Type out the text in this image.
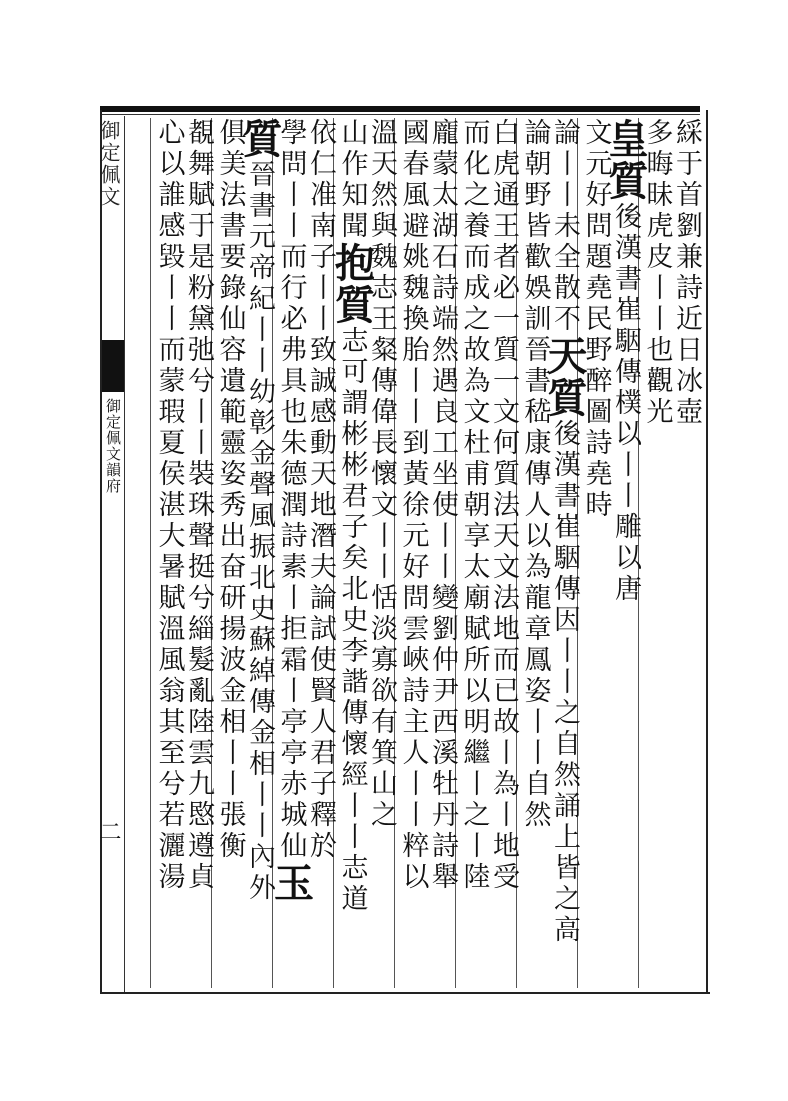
御定佩文
御定佩文韻府
二
綵于首劉兼詩近日冰壺
多晦昧虎皮丨丨也觀光
皇質後漢書崔駰傳樸以丨丨雕以唐
文元好問題堯民野醉圖詩堯時
論丨丨未全散不天質後漢書崔駰傳因丨丨之自然誦上皆之高
論朝野皆歡娛訓晉書嵇康傳人以為龍章鳳姿丨丨自然
白虎通王者必一質一文何質法天文法地而已故丨為丨地受
而化之養而成之故為文杜甫朝享太廟賦所以明繼丨之丨陸
龐蒙太湖石詩端然遇良工坐使丨丨變劉仲尹西溪牡丹詩舉
國春風避姚魏換胎丨丨到黃徐元好問雲峽詩主人丨丨粹以
溫天然與魏志王粲傳偉長懷文丨丨恬淡寡欲有箕山之
山作知聞抱質志可謂彬彬君子矣北史李諧傳懷經丨丨志道
依仁准南子丨丨致誠感動天地潛夫論試使賢人君子釋於
學問丨丨而行必弗具也朱德潤詩素丨拒霜丨亭亭赤城仙玉
質晉書元帝紀丨丨幼彰金聲風振北史蘇綽傳金相丨丨內外
俱美法書要錄仙容遺範靈姿秀出奋研揚波金相丨丨張衡
覩舞賦于是粉黛弛兮丨丨裝珠聲挺兮緇髮亂陸雲九愍遵貞
心以誰感毀丨丨而蒙瑕夏侯湛大暑賦溫風翁其至兮若灑湯
